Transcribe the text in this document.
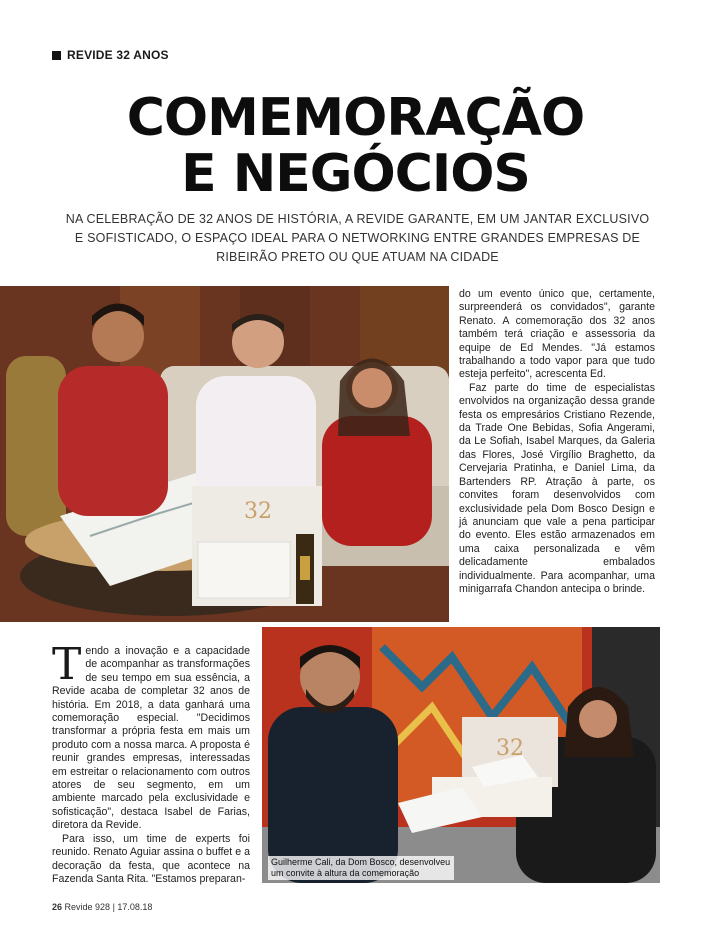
REVIDE 32 ANOS
COMEMORAÇÃO
E NEGÓCIOS
NA CELEBRAÇÃO DE 32 ANOS DE HISTÓRIA, A REVIDE GARANTE, EM UM JANTAR EXCLUSIVO E SOFISTICADO, O ESPAÇO IDEAL PARA O NETWORKING ENTRE GRANDES EMPRESAS DE RIBEIRÃO PRETO OU QUE ATUAM NA CIDADE
32

do um evento único que, certamente, surpreenderá os convidados", garante Renato. A comemoração dos 32 anos também terá criação e assessoria da equipe de Ed Mendes. "Já estamos trabalhando a todo vapor para que tudo esteja perfeito", acrescenta Ed.

Faz parte do time de especialistas envolvidos na organização dessa grande festa os empresários Cristiano Rezende, da Trade One Bebidas, Sofia Angerami, da Le Sofiah, Isabel Marques, da Galeria das Flores, José Virgílio Braghetto, da Cervejaria Pratinha, e Daniel Lima, da Bartenders RP. Atração à parte, os convites foram desenvolvidos com exclusividade pela Dom Bosco Design e já anunciam que vale a pena participar do evento. Eles estão armazenados em uma caixa personalizada e vêm delicadamente embalados individualmente. Para acompanhar, uma minigarrafa Chandon antecipa o brinde.

Tendo a inovação e a capacidade de acompanhar as transformações de seu tempo em sua essência, a Revide acaba de completar 32 anos de história. Em 2018, a data ganhará uma comemoração especial. "Decidimos transformar a própria festa em mais um produto com a nossa marca. A proposta é reunir grandes empresas, interessadas em estreitar o relacionamento com outros atores de seu segmento, em um ambiente marcado pela exclusividade e sofisticação", destaca Isabel de Farias, diretora da Revide.

Para isso, um time de experts foi reunido. Renato Aguiar assina o buffet e a decoração da festa, que acontece na Fazenda Santa Rita. "Estamos preparan-

32
Guilherme Cali, da Dom Bosco, desenvolveu um convite à altura da comemoração
26 Revide 928 | 17.08.18
